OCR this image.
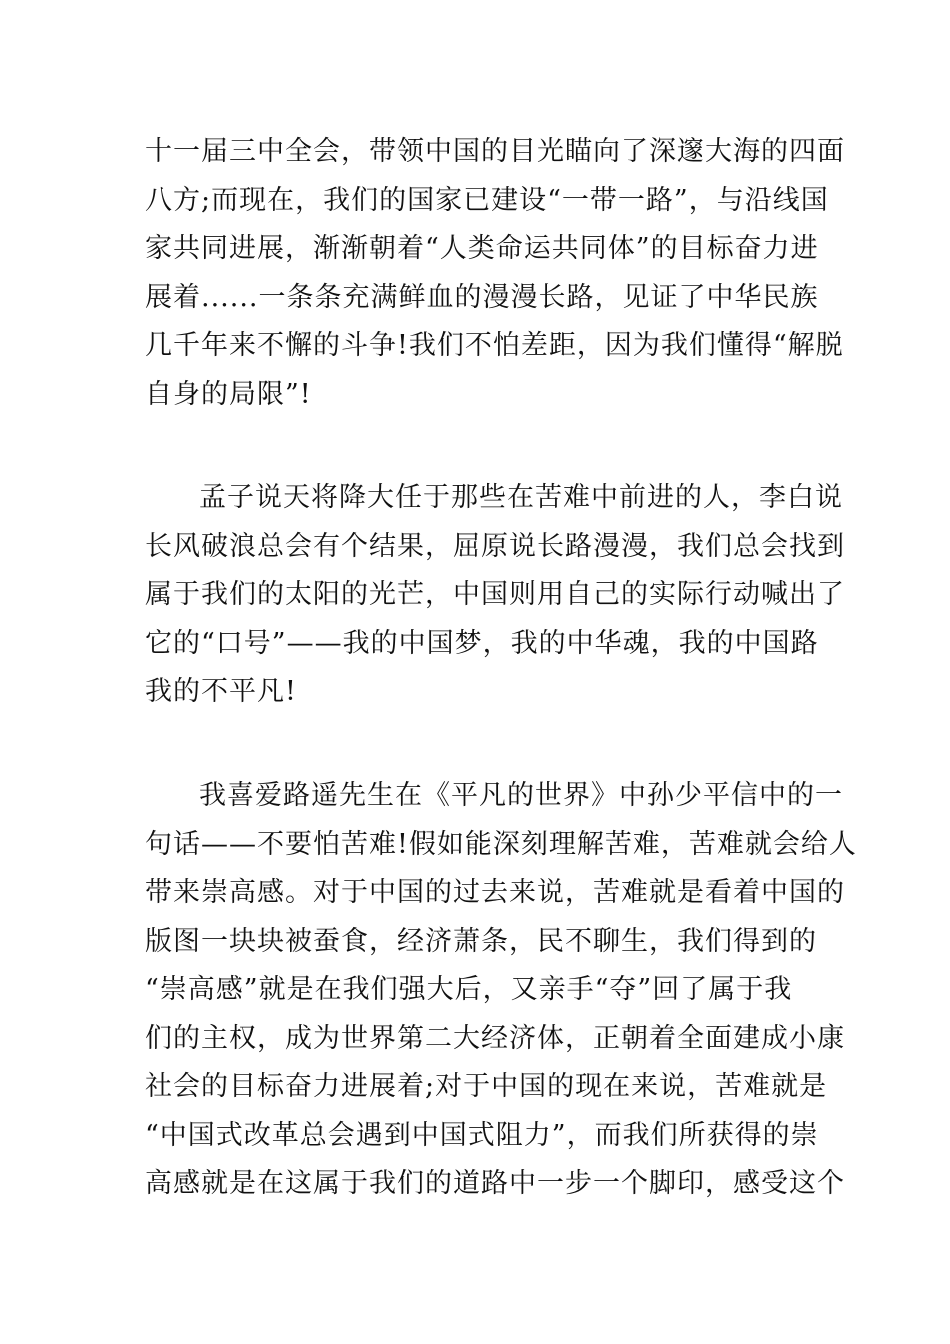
十一届三中全会，带领中国的目光瞄向了深邃大海的四面
八方;而现在，我们的国家已建设“一带一路”，与沿线国
家共同进展，渐渐朝着“人类命运共同体”的目标奋力进
展着......一条条充满鲜血的漫漫长路，见证了中华民族
几千年来不懈的斗争!我们不怕差距，因为我们懂得“解脱
自身的局限”!
孟子说天将降大任于那些在苦难中前进的人，李白说
长风破浪总会有个结果，屈原说长路漫漫，我们总会找到
属于我们的太阳的光芒，中国则用自己的实际行动喊出了
它的“口号”——我的中国梦，我的中华魂，我的中国路
我的不平凡!
我喜爱路遥先生在《平凡的世界》中孙少平信中的一
句话——不要怕苦难!假如能深刻理解苦难，苦难就会给人
带来崇高感。对于中国的过去来说，苦难就是看着中国的
版图一块块被蚕食，经济萧条，民不聊生，我们得到的
“崇高感”就是在我们强大后，又亲手“夺”回了属于我
们的主权，成为世界第二大经济体，正朝着全面建成小康
社会的目标奋力进展着;对于中国的现在来说，苦难就是
“中国式改革总会遇到中国式阻力”，而我们所获得的崇
高感就是在这属于我们的道路中一步一个脚印，感受这个
